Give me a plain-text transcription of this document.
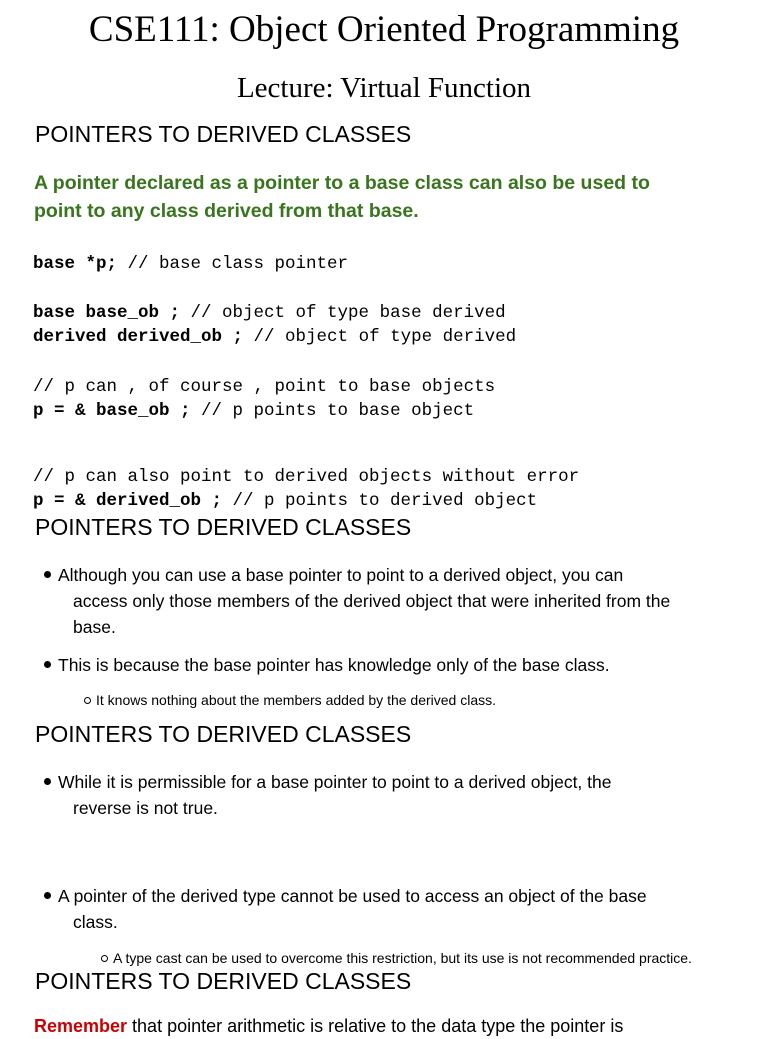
CSE111: Object Oriented Programming
Lecture: Virtual Function
POINTERS TO DERIVED CLASSES
A pointer declared as a pointer to a base class can also be used to
point to any class derived from that base.
base *p; // base class pointer
base base_ob ; // object of type base derived
derived derived_ob ; // object of type derived
// p can , of course , point to base objects
p = & base_ob ; // p points to base object
// p can also point to derived objects without error
p = & derived_ob ; // p points to derived object
POINTERS TO DERIVED CLASSES
Although you can use a base pointer to point to a derived object, you can
access only those members of the derived object that were inherited from the
base.
This is because the base pointer has knowledge only of the base class.
It knows nothing about the members added by the derived class.
POINTERS TO DERIVED CLASSES
While it is permissible for a base pointer to point to a derived object, the
reverse is not true.
A pointer of the derived type cannot be used to access an object of the base
class.
A type cast can be used to overcome this restriction, but its use is not recommended practice.
POINTERS TO DERIVED CLASSES
Remember that pointer arithmetic is relative to the data type the pointer is
